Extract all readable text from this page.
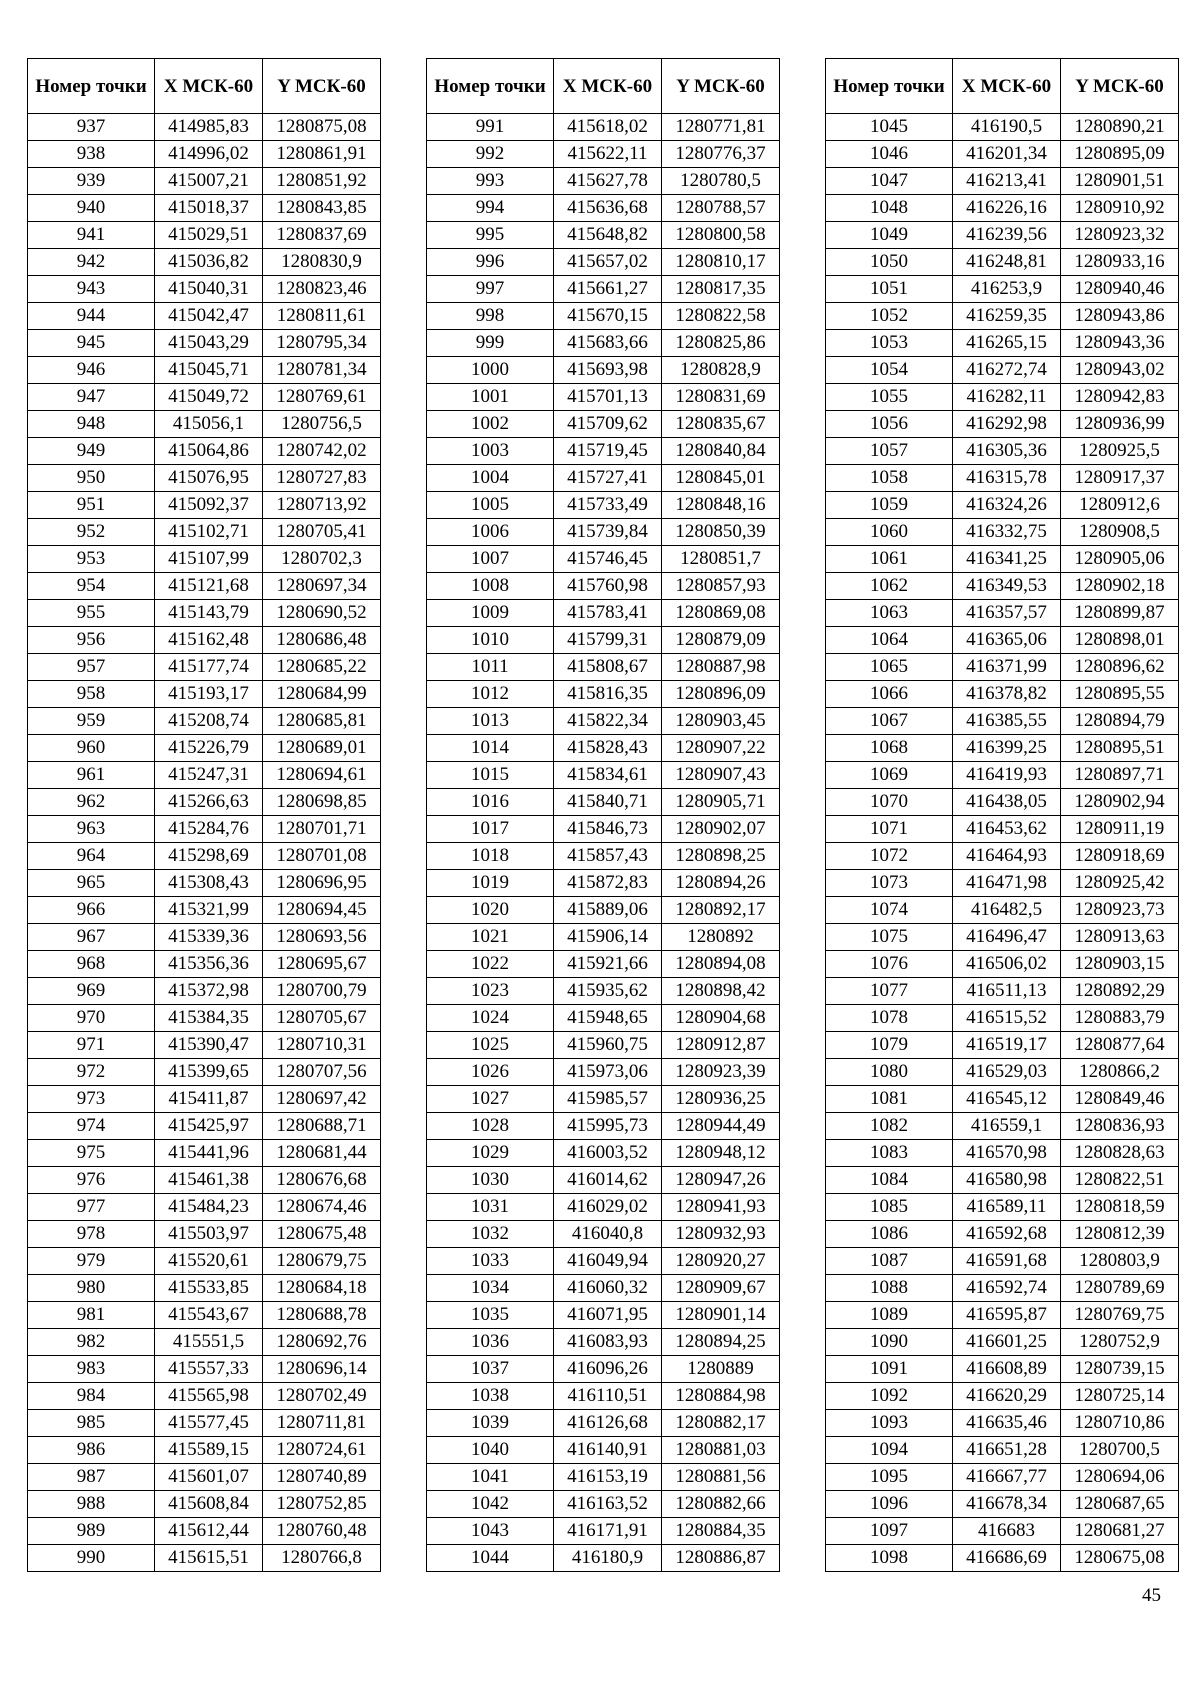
Номер точки	X МСК-60	Y МСК-60
937	414985,83	1280875,08
938	414996,02	1280861,91
939	415007,21	1280851,92
940	415018,37	1280843,85
941	415029,51	1280837,69
942	415036,82	1280830,9
943	415040,31	1280823,46
944	415042,47	1280811,61
945	415043,29	1280795,34
946	415045,71	1280781,34
947	415049,72	1280769,61
948	415056,1	1280756,5
949	415064,86	1280742,02
950	415076,95	1280727,83
951	415092,37	1280713,92
952	415102,71	1280705,41
953	415107,99	1280702,3
954	415121,68	1280697,34
955	415143,79	1280690,52
956	415162,48	1280686,48
957	415177,74	1280685,22
958	415193,17	1280684,99
959	415208,74	1280685,81
960	415226,79	1280689,01
961	415247,31	1280694,61
962	415266,63	1280698,85
963	415284,76	1280701,71
964	415298,69	1280701,08
965	415308,43	1280696,95
966	415321,99	1280694,45
967	415339,36	1280693,56
968	415356,36	1280695,67
969	415372,98	1280700,79
970	415384,35	1280705,67
971	415390,47	1280710,31
972	415399,65	1280707,56
973	415411,87	1280697,42
974	415425,97	1280688,71
975	415441,96	1280681,44
976	415461,38	1280676,68
977	415484,23	1280674,46
978	415503,97	1280675,48
979	415520,61	1280679,75
980	415533,85	1280684,18
981	415543,67	1280688,78
982	415551,5	1280692,76
983	415557,33	1280696,14
984	415565,98	1280702,49
985	415577,45	1280711,81
986	415589,15	1280724,61
987	415601,07	1280740,89
988	415608,84	1280752,85
989	415612,44	1280760,48
990	415615,51	1280766,8
Номер точки	X МСК-60	Y МСК-60
991	415618,02	1280771,81
992	415622,11	1280776,37
993	415627,78	1280780,5
994	415636,68	1280788,57
995	415648,82	1280800,58
996	415657,02	1280810,17
997	415661,27	1280817,35
998	415670,15	1280822,58
999	415683,66	1280825,86
1000	415693,98	1280828,9
1001	415701,13	1280831,69
1002	415709,62	1280835,67
1003	415719,45	1280840,84
1004	415727,41	1280845,01
1005	415733,49	1280848,16
1006	415739,84	1280850,39
1007	415746,45	1280851,7
1008	415760,98	1280857,93
1009	415783,41	1280869,08
1010	415799,31	1280879,09
1011	415808,67	1280887,98
1012	415816,35	1280896,09
1013	415822,34	1280903,45
1014	415828,43	1280907,22
1015	415834,61	1280907,43
1016	415840,71	1280905,71
1017	415846,73	1280902,07
1018	415857,43	1280898,25
1019	415872,83	1280894,26
1020	415889,06	1280892,17
1021	415906,14	1280892
1022	415921,66	1280894,08
1023	415935,62	1280898,42
1024	415948,65	1280904,68
1025	415960,75	1280912,87
1026	415973,06	1280923,39
1027	415985,57	1280936,25
1028	415995,73	1280944,49
1029	416003,52	1280948,12
1030	416014,62	1280947,26
1031	416029,02	1280941,93
1032	416040,8	1280932,93
1033	416049,94	1280920,27
1034	416060,32	1280909,67
1035	416071,95	1280901,14
1036	416083,93	1280894,25
1037	416096,26	1280889
1038	416110,51	1280884,98
1039	416126,68	1280882,17
1040	416140,91	1280881,03
1041	416153,19	1280881,56
1042	416163,52	1280882,66
1043	416171,91	1280884,35
1044	416180,9	1280886,87
Номер точки	X МСК-60	Y МСК-60
1045	416190,5	1280890,21
1046	416201,34	1280895,09
1047	416213,41	1280901,51
1048	416226,16	1280910,92
1049	416239,56	1280923,32
1050	416248,81	1280933,16
1051	416253,9	1280940,46
1052	416259,35	1280943,86
1053	416265,15	1280943,36
1054	416272,74	1280943,02
1055	416282,11	1280942,83
1056	416292,98	1280936,99
1057	416305,36	1280925,5
1058	416315,78	1280917,37
1059	416324,26	1280912,6
1060	416332,75	1280908,5
1061	416341,25	1280905,06
1062	416349,53	1280902,18
1063	416357,57	1280899,87
1064	416365,06	1280898,01
1065	416371,99	1280896,62
1066	416378,82	1280895,55
1067	416385,55	1280894,79
1068	416399,25	1280895,51
1069	416419,93	1280897,71
1070	416438,05	1280902,94
1071	416453,62	1280911,19
1072	416464,93	1280918,69
1073	416471,98	1280925,42
1074	416482,5	1280923,73
1075	416496,47	1280913,63
1076	416506,02	1280903,15
1077	416511,13	1280892,29
1078	416515,52	1280883,79
1079	416519,17	1280877,64
1080	416529,03	1280866,2
1081	416545,12	1280849,46
1082	416559,1	1280836,93
1083	416570,98	1280828,63
1084	416580,98	1280822,51
1085	416589,11	1280818,59
1086	416592,68	1280812,39
1087	416591,68	1280803,9
1088	416592,74	1280789,69
1089	416595,87	1280769,75
1090	416601,25	1280752,9
1091	416608,89	1280739,15
1092	416620,29	1280725,14
1093	416635,46	1280710,86
1094	416651,28	1280700,5
1095	416667,77	1280694,06
1096	416678,34	1280687,65
1097	416683	1280681,27
1098	416686,69	1280675,08
45
